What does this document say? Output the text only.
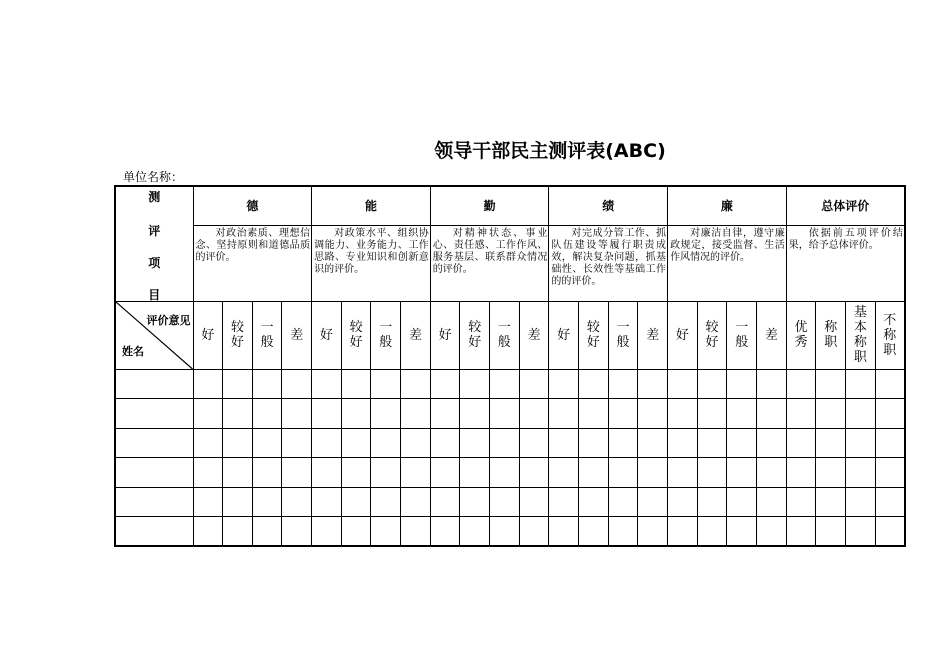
领导干部民主测评表(ABC)
单位名称：
测
评
项
目	德				能				勤				绩				廉				总体评价			
	对政治素质、理想信念、坚持原则和道德品质的评价。				对政策水平、组织协调能力、业务能力、工作思路、专业知识和创新意识的评价。				对精神状态、事业心、责任感、工作作风、服务基层、联系群众情况的评价。				对完成分管工作、抓队伍建设等履行职责成效，解决复杂问题，抓基础性、长效性等基础工作的的评价。				对廉洁自律，遵守廉政规定，接受监督、生活作风情况的评价。				依据前五项评价结果，给予总体评价。			

评价意见
姓名	好	较好	一般	差	好	较好	一般	差	好	较好	一般	差	好	较好	一般	差	好	较好	一般	差	优秀	称职	基本称职	不称职
